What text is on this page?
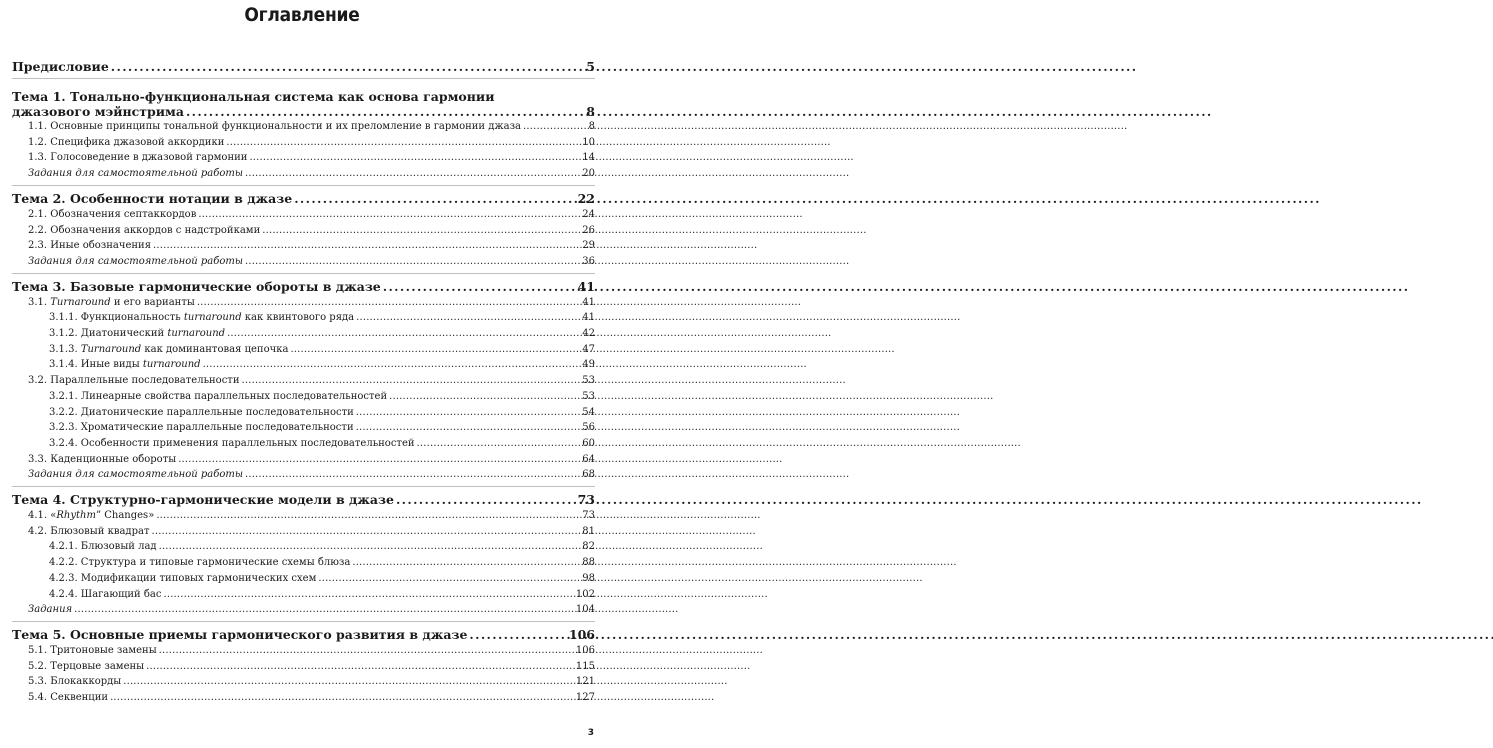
Оглавление
Предисловие . . .	5
Тема 1. Тонально-функциональная система как основа гармонии
джазового мэйнстрима . . .	8
1.1. Основные принципы тональной функциональности и их преломление в гармонии джаза . . .	8
1.2. Специфика джазовой аккордики . . .	10
1.3. Голосоведение в джазовой гармонии . . .	14
Задания для самостоятельной работы . . .	20
Тема 2. Особенности нотации в джазе . . .	22
2.1. Обозначения септаккордов . . .	24
2.2. Обозначения аккордов с надстройками . . .	26
2.3. Иные обозначения . . .	29
Задания для самостоятельной работы . . .	36
Тема 3. Базовые гармонические обороты в джазе . . .	41
3.1. Turnaround и его варианты . . .	41
3.1.1. Функциональность turnaround как квинтового ряда . . .	41
3.1.2. Диатонический turnaround . . .	42
3.1.3. Turnaround как доминантовая цепочка . . .	47
3.1.4. Иные виды turnaround . . .	49
3.2. Параллельные последовательности . . .	53
3.2.1. Линеарные свойства параллельных последовательностей . . .	53
3.2.2. Диатонические параллельные последовательности . . .	54
3.2.3. Хроматические параллельные последовательности . . .	56
3.2.4. Особенности применения параллельных последовательностей . . .	60
3.3. Каденционные обороты . . .	64
Задания для самостоятельной работы . . .	68
Тема 4. Структурно-гармонические модели в джазе . . .	73
4.1. «Rhythm” Changes» . . .	73
4.2. Блюзовый квадрат . . .	81
4.2.1. Блюзовый лад . . .	82
4.2.2. Структура и типовые гармонические схемы блюза . . .	88
4.2.3. Модификации типовых гармонических схем . . .	98
4.2.4. Шагающий бас . . .	102
Задания . . .	104
Тема 5. Основные приемы гармонического развития в джазе . . .	106
5.1. Тритоновые замены . . .	106
5.2. Терцовые замены . . .	115
5.3. Блокаккорды . . .	121
5.4. Секвенции . . .	127
3
